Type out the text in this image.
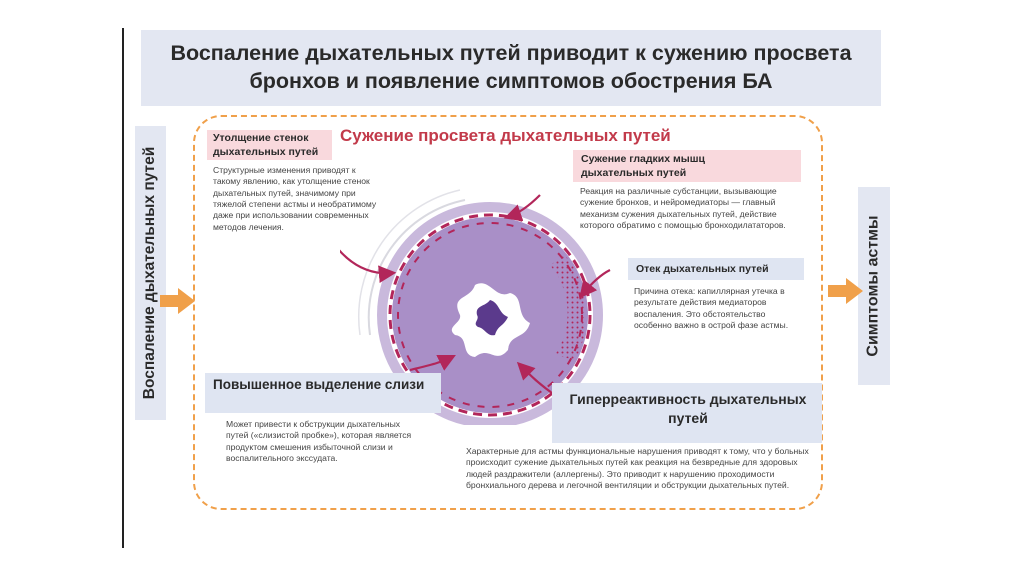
Воспаление дыхательных путей приводит к сужению просвета бронхов и появление симптомов обострения БА
Воспаление дыхательных путей	Симптомы астмы
Сужение просвета дыхательных путей
Утолщение стенок дыхательных путей
Структурные изменения приводят к такому явлению, как утолщение стенок дыхательных путей, значимому при тяжелой степени астмы и необратимому даже при использовании современных методов лечения.
Сужение гладких мышц дыхательных путей
Реакция на различные субстанции, вызывающие сужение бронхов, и нейромедиаторы — главный механизм сужения дыхательных путей, действие которого обратимо с помощью бронходилататоров.
Отек дыхательных путей
Причина отека: капиллярная утечка в результате действия медиаторов воспаления. Это обстоятельство особенно важно в острой фазе астмы.
Повышенное выделение слизи
Может привести к обструкции дыхательных путей («слизистой пробке»), которая является продуктом смешения избыточной слизи и воспалительного экссудата.
Гиперреактивность дыхательных путей
Характерные для астмы функциональные нарушения приводят к тому, что у больных происходит сужение дыхательных путей как реакция на безвредные для здоровых людей раздражители (аллергены). Это приводит к нарушению проходимости бронхиального дерева и легочной вентиляции и обструкции дыхательных путей.
